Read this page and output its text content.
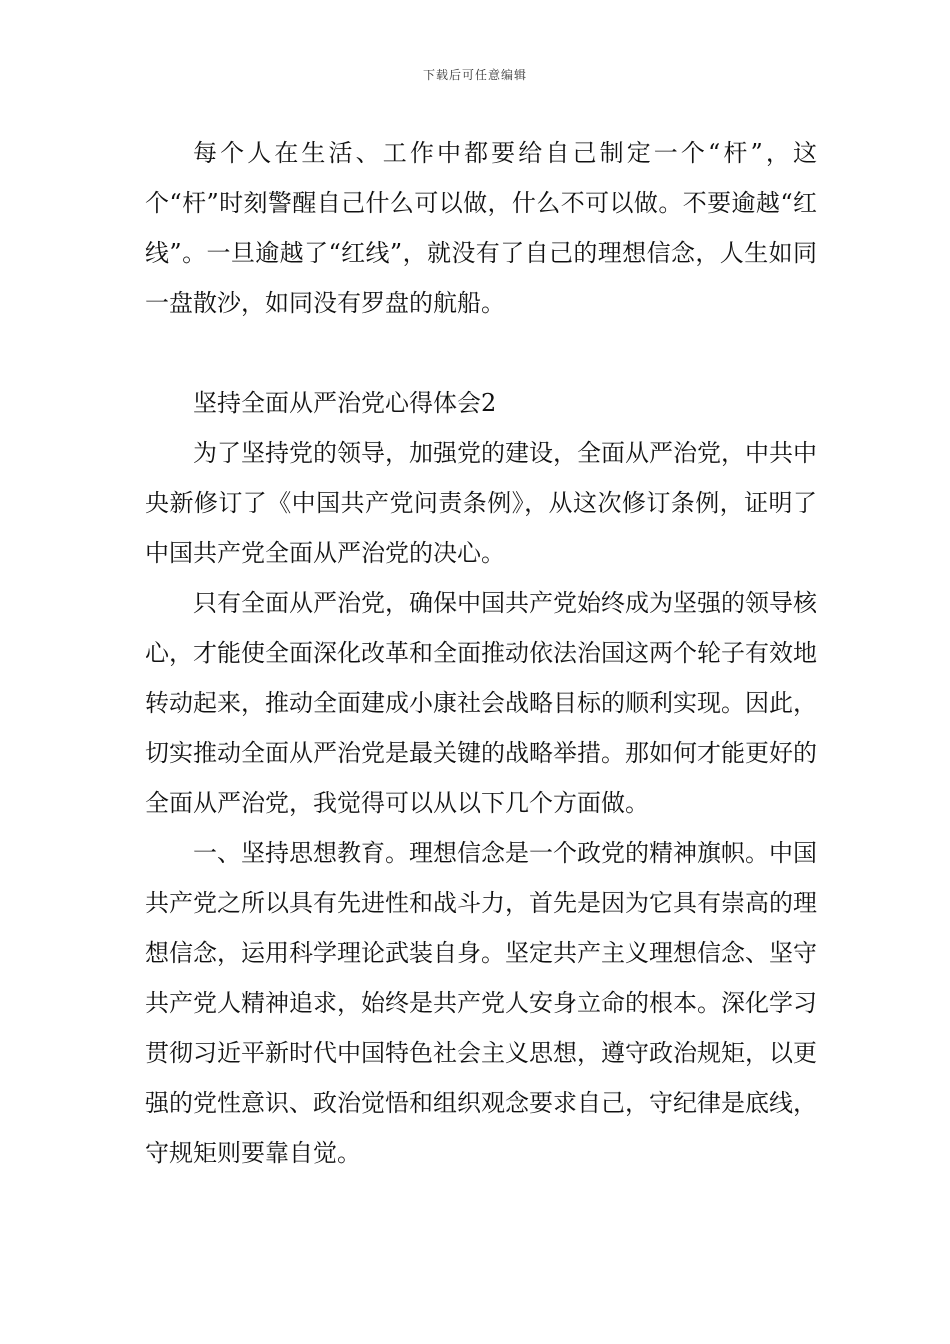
下载后可任意编辑

每个人在生活、工作中都要给自己制定一个“杆”，这个“杆”时刻警醒自己什么可以做，什么不可以做。不要逾越“红线”。一旦逾越了“红线”，就没有了自己的理想信念，人生如同一盘散沙，如同没有罗盘的航船。

坚持全面从严治党心得体会2

为了坚持党的领导，加强党的建设，全面从严治党，中共中央新修订了《中国共产党问责条例》，从这次修订条例，证明了中国共产党全面从严治党的决心。

只有全面从严治党，确保中国共产党始终成为坚强的领导核心，才能使全面深化改革和全面推动依法治国这两个轮子有效地转动起来，推动全面建成小康社会战略目标的顺利实现。因此，切实推动全面从严治党是最关键的战略举措。那如何才能更好的全面从严治党，我觉得可以从以下几个方面做。

一、坚持思想教育。理想信念是一个政党的精神旗帜。中国共产党之所以具有先进性和战斗力，首先是因为它具有崇高的理想信念，运用科学理论武装自身。坚定共产主义理想信念、坚守共产党人精神追求，始终是共产党人安身立命的根本。深化学习贯彻习近平新时代中国特色社会主义思想，遵守政治规矩，以更强的党性意识、政治觉悟和组织观念要求自己，守纪律是底线，守规矩则要靠自觉。
